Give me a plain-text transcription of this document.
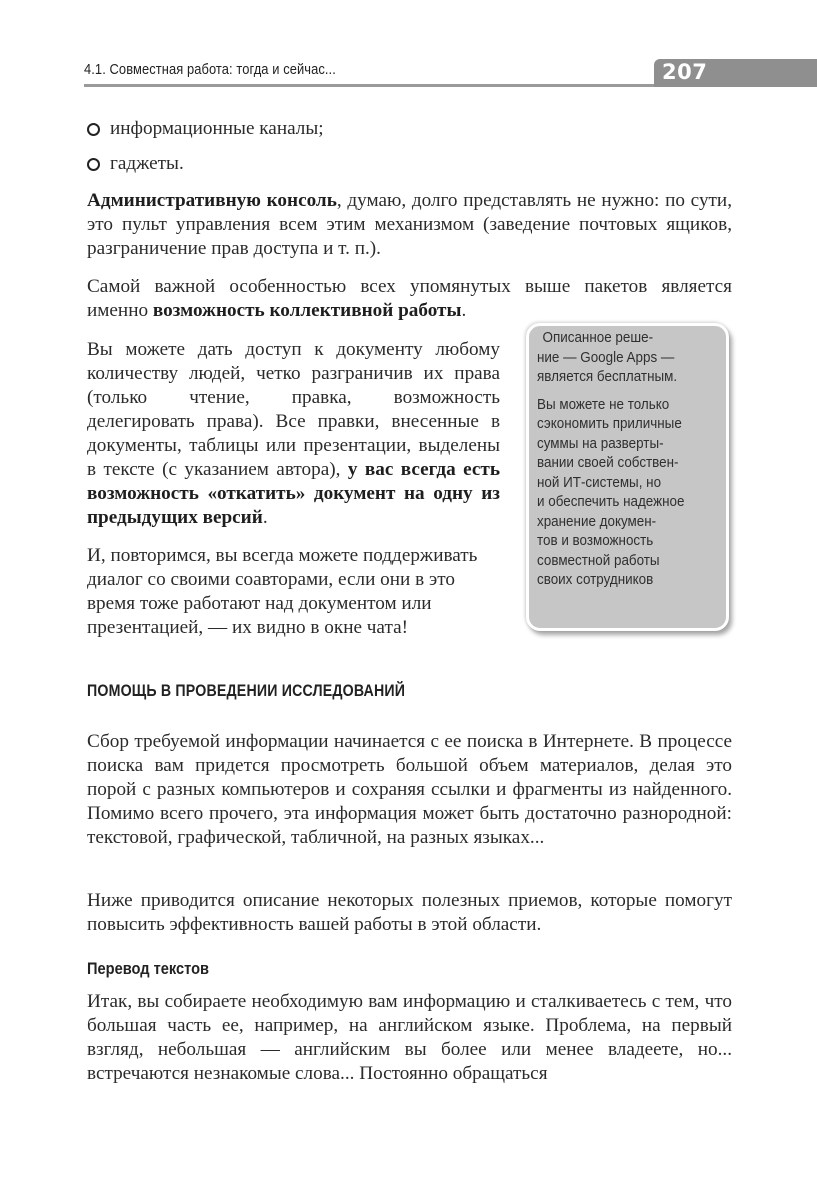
4.1. Совместная работа: тогда и сейчас...	207
информационные каналы;
гаджеты.

Административную консоль, думаю, долго представлять не нужно: по сути, это пульт управления всем этим механизмом (заведение почтовых ящиков, разграничение прав доступа и т. п.).

Самой важной особенностью всех упомянутых выше пакетов является именно возможность коллективной работы.

Вы можете дать доступ к документу любому количеству людей, четко разграничив их права (только чтение, правка, возможность делегировать права). Все правки, внесенные в документы, таблицы или презентации, выделены в тексте (с указанием автора), у вас всегда есть возможность «откатить» документ на одну из предыдущих версий.

И, повторимся, вы всегда можете поддерживать диалог со своими соавторами, если они в это время тоже работают над документом или презентацией, — их видно в окне чата!

Описанное реше-

ние — Google Apps —

является бесплатным.

Вы можете не только

сэкономить приличные

суммы на разверты-

вании своей собствен-

ной ИТ-системы, но

и обеспечить надежное

хранение докумен-

тов и возможность

совместной работы

своих сотрудников

ПОМОЩЬ В ПРОВЕДЕНИИ ИССЛЕДОВАНИЙ

Сбор требуемой информации начинается с ее поиска в Интернете. В процессе поиска вам придется просмотреть большой объем материалов, делая это порой с разных компьютеров и сохраняя ссылки и фрагменты из найденного. Помимо всего прочего, эта информация может быть достаточно разнородной: текстовой, графической, табличной, на разных языках...

Ниже приводится описание некоторых полезных приемов, которые помогут повысить эффективность вашей работы в этой области.

Перевод текстов

Итак, вы собираете необходимую вам информацию и сталкиваетесь с тем, что большая часть ее, например, на английском языке. Проблема, на первый взгляд, небольшая — английским вы более или менее владеете, но... встречаются незнакомые слова... Постоянно обращаться
